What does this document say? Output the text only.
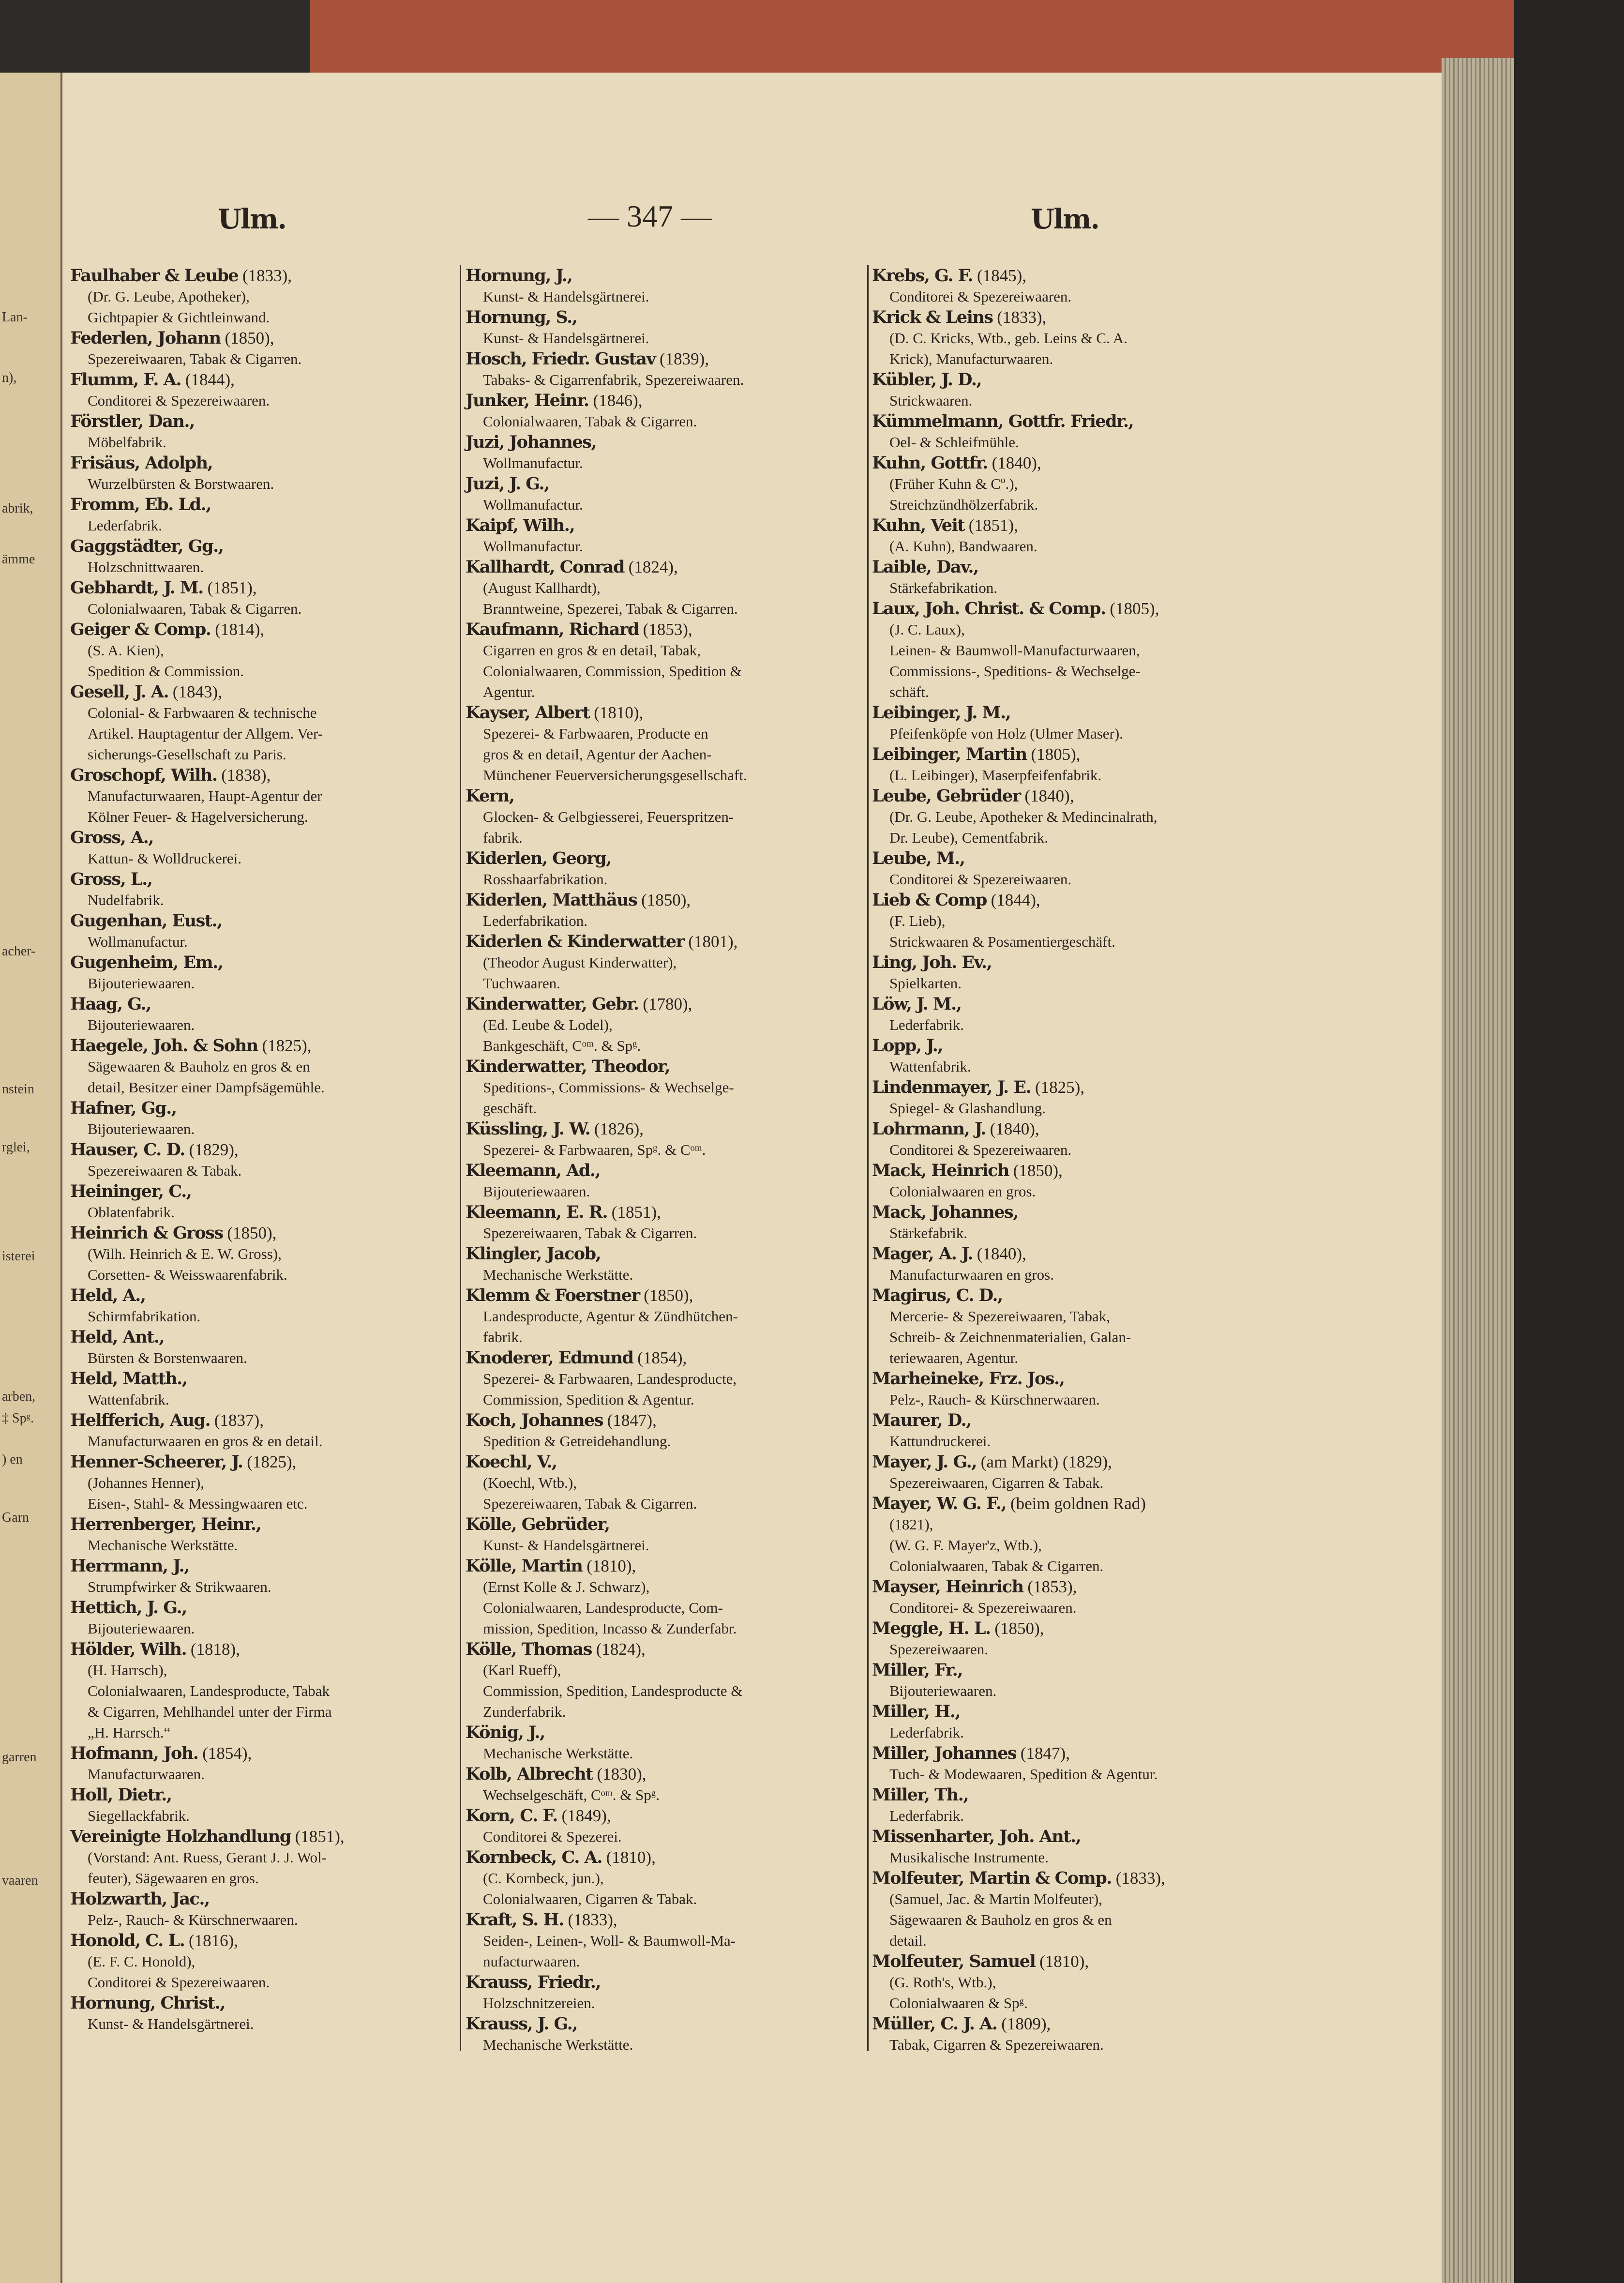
Lan-
n),
abrik,
ämme
acher-
nstein
rglei,
isterei
arben,
‡ Spᵍ.
) en
Garn
garren
vaaren
Ulm.	— 347 —	Ulm.
Faulhaber & Leube (1833),
(Dr. G. Leube, Apotheker),
Gichtpapier & Gichtleinwand.
Federlen, Johann (1850),
Spezereiwaaren, Tabak & Cigarren.
Flumm, F. A. (1844),
Conditorei & Spezereiwaaren.
Förstler, Dan.,
Möbelfabrik.
Frisäus, Adolph,
Wurzelbürsten & Borstwaaren.
Fromm, Eb. Ld.,
Lederfabrik.
Gaggstädter, Gg.,
Holzschnittwaaren.
Gebhardt, J. M. (1851),
Colonialwaaren, Tabak & Cigarren.
Geiger & Comp. (1814),
(S. A. Kien),
Spedition & Commission.
Gesell, J. A. (1843),
Colonial- & Farbwaaren & technische
Artikel. Hauptagentur der Allgem. Ver-
sicherungs-Gesellschaft zu Paris.
Groschopf, Wilh. (1838),
Manufacturwaaren, Haupt-Agentur der
Kölner Feuer- & Hagelversicherung.
Gross, A.,
Kattun- & Wolldruckerei.
Gross, L.,
Nudelfabrik.
Gugenhan, Eust.,
Wollmanufactur.
Gugenheim, Em.,
Bijouteriewaaren.
Haag, G.,
Bijouteriewaaren.
Haegele, Joh. & Sohn (1825),
Sägewaaren & Bauholz en gros & en
detail, Besitzer einer Dampfsägemühle.
Hafner, Gg.,
Bijouteriewaaren.
Hauser, C. D. (1829),
Spezereiwaaren & Tabak.
Heininger, C.,
Oblatenfabrik.
Heinrich & Gross (1850),
(Wilh. Heinrich & E. W. Gross),
Corsetten- & Weisswaarenfabrik.
Held, A.,
Schirmfabrikation.
Held, Ant.,
Bürsten & Borstenwaaren.
Held, Matth.,
Wattenfabrik.
Helfferich, Aug. (1837),
Manufacturwaaren en gros & en detail.
Henner-Scheerer, J. (1825),
(Johannes Henner),
Eisen-, Stahl- & Messingwaaren etc.
Herrenberger, Heinr.,
Mechanische Werkstätte.
Herrmann, J.,
Strumpfwirker & Strikwaaren.
Hettich, J. G.,
Bijouteriewaaren.
Hölder, Wilh. (1818),
(H. Harrsch),
Colonialwaaren, Landesproducte, Tabak
& Cigarren, Mehlhandel unter der Firma
„H. Harrsch.“
Hofmann, Joh. (1854),
Manufacturwaaren.
Holl, Dietr.,
Siegellackfabrik.
Vereinigte Holzhandlung (1851),
(Vorstand: Ant. Ruess, Gerant J. J. Wol-
feuter), Sägewaaren en gros.
Holzwarth, Jac.,
Pelz-, Rauch- & Kürschnerwaaren.
Honold, C. L. (1816),
(E. F. C. Honold),
Conditorei & Spezereiwaaren.
Hornung, Christ.,
Kunst- & Handelsgärtnerei.
Hornung, J.,
Kunst- & Handelsgärtnerei.
Hornung, S.,
Kunst- & Handelsgärtnerei.
Hosch, Friedr. Gustav (1839),
Tabaks- & Cigarrenfabrik, Spezereiwaaren.
Junker, Heinr. (1846),
Colonialwaaren, Tabak & Cigarren.
Juzi, Johannes,
Wollmanufactur.
Juzi, J. G.,
Wollmanufactur.
Kaipf, Wilh.,
Wollmanufactur.
Kallhardt, Conrad (1824),
(August Kallhardt),
Branntweine, Spezerei, Tabak & Cigarren.
Kaufmann, Richard (1853),
Cigarren en gros & en detail, Tabak,
Colonialwaaren, Commission, Spedition &
Agentur.
Kayser, Albert (1810),
Spezerei- & Farbwaaren, Producte en
gros & en detail, Agentur der Aachen-
Münchener Feuerversicherungsgesellschaft.
Kern,
Glocken- & Gelbgiesserei, Feuerspritzen-
fabrik.
Kiderlen, Georg,
Rosshaarfabrikation.
Kiderlen, Matthäus (1850),
Lederfabrikation.
Kiderlen & Kinderwatter (1801),
(Theodor August Kinderwatter),
Tuchwaaren.
Kinderwatter, Gebr. (1780),
(Ed. Leube & Lodel),
Bankgeschäft, Cᵒᵐ. & Spᵍ.
Kinderwatter, Theodor,
Speditions-, Commissions- & Wechselge-
geschäft.
Küssling, J. W. (1826),
Spezerei- & Farbwaaren, Spᵍ. & Cᵒᵐ.
Kleemann, Ad.,
Bijouteriewaaren.
Kleemann, E. R. (1851),
Spezereiwaaren, Tabak & Cigarren.
Klingler, Jacob,
Mechanische Werkstätte.
Klemm & Foerstner (1850),
Landesproducte, Agentur & Zündhütchen-
fabrik.
Knoderer, Edmund (1854),
Spezerei- & Farbwaaren, Landesproducte,
Commission, Spedition & Agentur.
Koch, Johannes (1847),
Spedition & Getreidehandlung.
Koechl, V.,
(Koechl, Wtb.),
Spezereiwaaren, Tabak & Cigarren.
Kölle, Gebrüder,
Kunst- & Handelsgärtnerei.
Kölle, Martin (1810),
(Ernst Kolle & J. Schwarz),
Colonialwaaren, Landesproducte, Com-
mission, Spedition, Incasso & Zunderfabr.
Kölle, Thomas (1824),
(Karl Rueff),
Commission, Spedition, Landesproducte &
Zunderfabrik.
König, J.,
Mechanische Werkstätte.
Kolb, Albrecht (1830),
Wechselgeschäft, Cᵒᵐ. & Spᵍ.
Korn, C. F. (1849),
Conditorei & Spezerei.
Kornbeck, C. A. (1810),
(C. Kornbeck, jun.),
Colonialwaaren, Cigarren & Tabak.
Kraft, S. H. (1833),
Seiden-, Leinen-, Woll- & Baumwoll-Ma-
nufacturwaaren.
Krauss, Friedr.,
Holzschnitzereien.
Krauss, J. G.,
Mechanische Werkstätte.
Krebs, G. F. (1845),
Conditorei & Spezereiwaaren.
Krick & Leins (1833),
(D. C. Kricks, Wtb., geb. Leins & C. A.
Krick), Manufacturwaaren.
Kübler, J. D.,
Strickwaaren.
Kümmelmann, Gottfr. Friedr.,
Oel- & Schleifmühle.
Kuhn, Gottfr. (1840),
(Früher Kuhn & Cº.),
Streichzündhölzerfabrik.
Kuhn, Veit (1851),
(A. Kuhn), Bandwaaren.
Laible, Dav.,
Stärkefabrikation.
Laux, Joh. Christ. & Comp. (1805),
(J. C. Laux),
Leinen- & Baumwoll-Manufacturwaaren,
Commissions-, Speditions- & Wechselge-
schäft.
Leibinger, J. M.,
Pfeifenköpfe von Holz (Ulmer Maser).
Leibinger, Martin (1805),
(L. Leibinger), Maserpfeifenfabrik.
Leube, Gebrüder (1840),
(Dr. G. Leube, Apotheker & Medincinalrath,
Dr. Leube), Cementfabrik.
Leube, M.,
Conditorei & Spezereiwaaren.
Lieb & Comp (1844),
(F. Lieb),
Strickwaaren & Posamentiergeschäft.
Ling, Joh. Ev.,
Spielkarten.
Löw, J. M.,
Lederfabrik.
Lopp, J.,
Wattenfabrik.
Lindenmayer, J. E. (1825),
Spiegel- & Glashandlung.
Lohrmann, J. (1840),
Conditorei & Spezereiwaaren.
Mack, Heinrich (1850),
Colonialwaaren en gros.
Mack, Johannes,
Stärkefabrik.
Mager, A. J. (1840),
Manufacturwaaren en gros.
Magirus, C. D.,
Mercerie- & Spezereiwaaren, Tabak,
Schreib- & Zeichnenmaterialien, Galan-
teriewaaren, Agentur.
Marheineke, Frz. Jos.,
Pelz-, Rauch- & Kürschnerwaaren.
Maurer, D.,
Kattundruckerei.
Mayer, J. G., (am Markt) (1829),
Spezereiwaaren, Cigarren & Tabak.
Mayer, W. G. F., (beim goldnen Rad)
(1821),
(W. G. F. Mayer'z, Wtb.),
Colonialwaaren, Tabak & Cigarren.
Mayser, Heinrich (1853),
Conditorei- & Spezereiwaaren.
Meggle, H. L. (1850),
Spezereiwaaren.
Miller, Fr.,
Bijouteriewaaren.
Miller, H.,
Lederfabrik.
Miller, Johannes (1847),
Tuch- & Modewaaren, Spedition & Agentur.
Miller, Th.,
Lederfabrik.
Missenharter, Joh. Ant.,
Musikalische Instrumente.
Molfeuter, Martin & Comp. (1833),
(Samuel, Jac. & Martin Molfeuter),
Sägewaaren & Bauholz en gros & en
detail.
Molfeuter, Samuel (1810),
(G. Roth's, Wtb.),
Colonialwaaren & Spᵍ.
Müller, C. J. A. (1809),
Tabak, Cigarren & Spezereiwaaren.
